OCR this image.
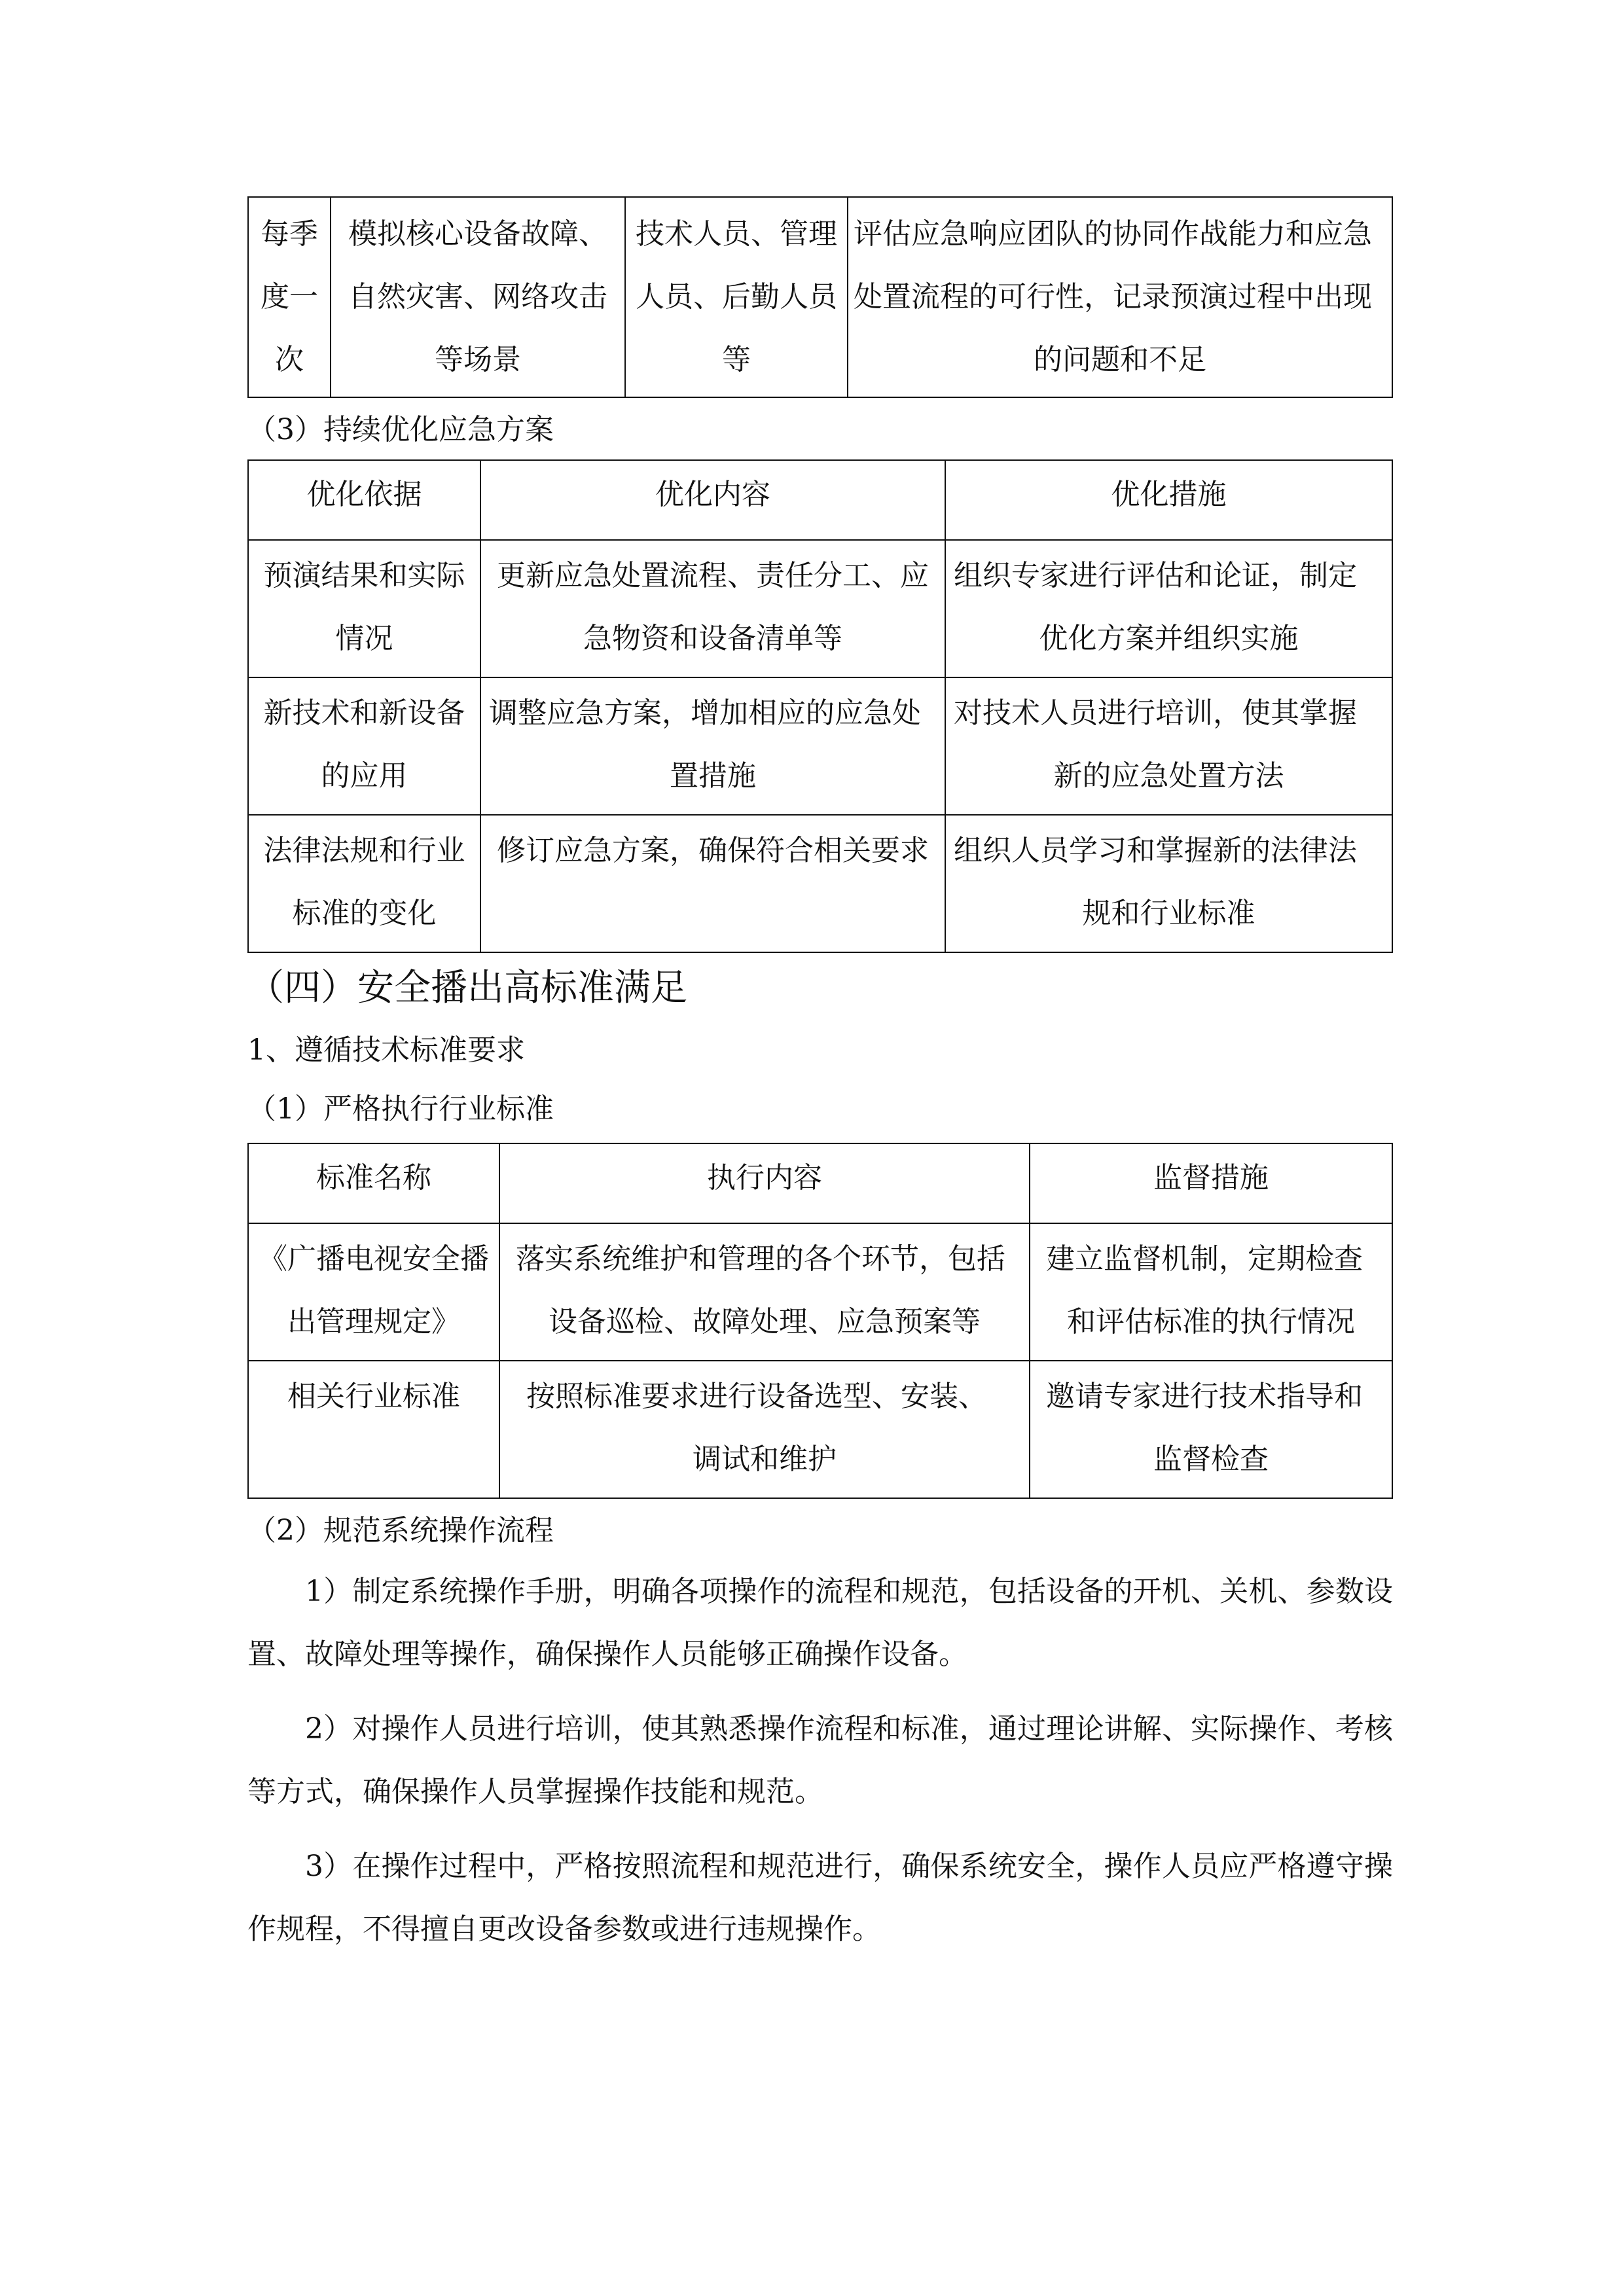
每季度一次	模拟核心设备故障、自然灾害、网络攻击等场景	技术人员、管理人员、后勤人员等	评估应急响应团队的协同作战能力和应急处置流程的可行性，记录预演过程中出现的问题和不足
（3）持续优化应急方案
优化依据	优化内容	优化措施
预演结果和实际情况	更新应急处置流程、责任分工、应急物资和设备清单等	组织专家进行评估和论证，制定优化方案并组织实施
新技术和新设备的应用	调整应急方案，增加相应的应急处置措施	对技术人员进行培训，使其掌握新的应急处置方法
法律法规和行业标准的变化	修订应急方案，确保符合相关要求	组织人员学习和掌握新的法律法规和行业标准
（四）安全播出高标准满足
1、遵循技术标准要求
（1）严格执行行业标准
标准名称	执行内容	监督措施
《广播电视安全播出管理规定》	落实系统维护和管理的各个环节，包括设备巡检、故障处理、应急预案等	建立监督机制，定期检查和评估标准的执行情况
相关行业标准	按照标准要求进行设备选型、安装、调试和维护	邀请专家进行技术指导和监督检查
（2）规范系统操作流程

1）制定系统操作手册，明确各项操作的流程和规范，包括设备的开机、关机、参数设置、故障处理等操作，确保操作人员能够正确操作设备。

2）对操作人员进行培训，使其熟悉操作流程和标准，通过理论讲解、实际操作、考核等方式，确保操作人员掌握操作技能和规范。

3）在操作过程中，严格按照流程和规范进行，确保系统安全，操作人员应严格遵守操作规程，不得擅自更改设备参数或进行违规操作。
